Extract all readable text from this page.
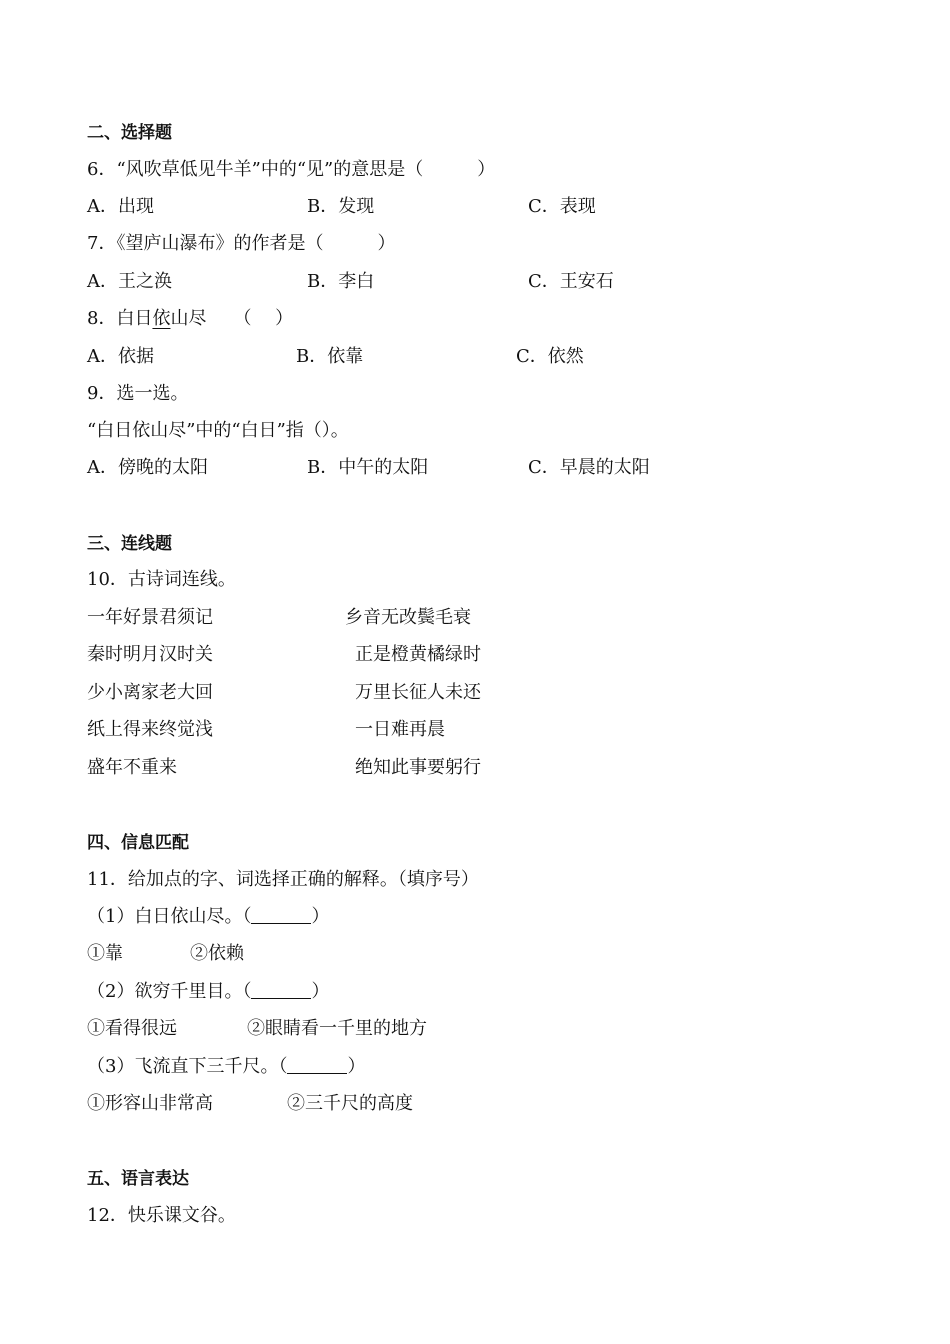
二、选择题
6．“风吹草低见牛羊”中的“见”的意思是（　　　）
A．出现	B．发现	C．表现
7．《望庐山瀑布》的作者是（　　　）
A．王之涣	B．李白	C．王安石
8．白日依山尽　　（　 ）
A．依据	B．依靠	C．依然
9．选一选。
“白日依山尽”中的“白日”指（）。
A．傍晚的太阳	B．中午的太阳	C．早晨的太阳
三、连线题
10．古诗词连线。
一年好景君须记	乡音无改鬓毛衰
秦时明月汉时关	正是橙黄橘绿时
少小离家老大回	万里长征人未还
纸上得来终觉浅	一日难再晨
盛年不重来	绝知此事要躬行
四、信息匹配
11．给加点的字、词选择正确的解释。（填序号）
（1）白日依山尽。（	）
①靠	②依赖
（2）欲穷千里目。（	）
①看得很远	②眼睛看一千里的地方
（3）飞流直下三千尺。（	）
①形容山非常高	②三千尺的高度
五、语言表达
12．快乐课文谷。
